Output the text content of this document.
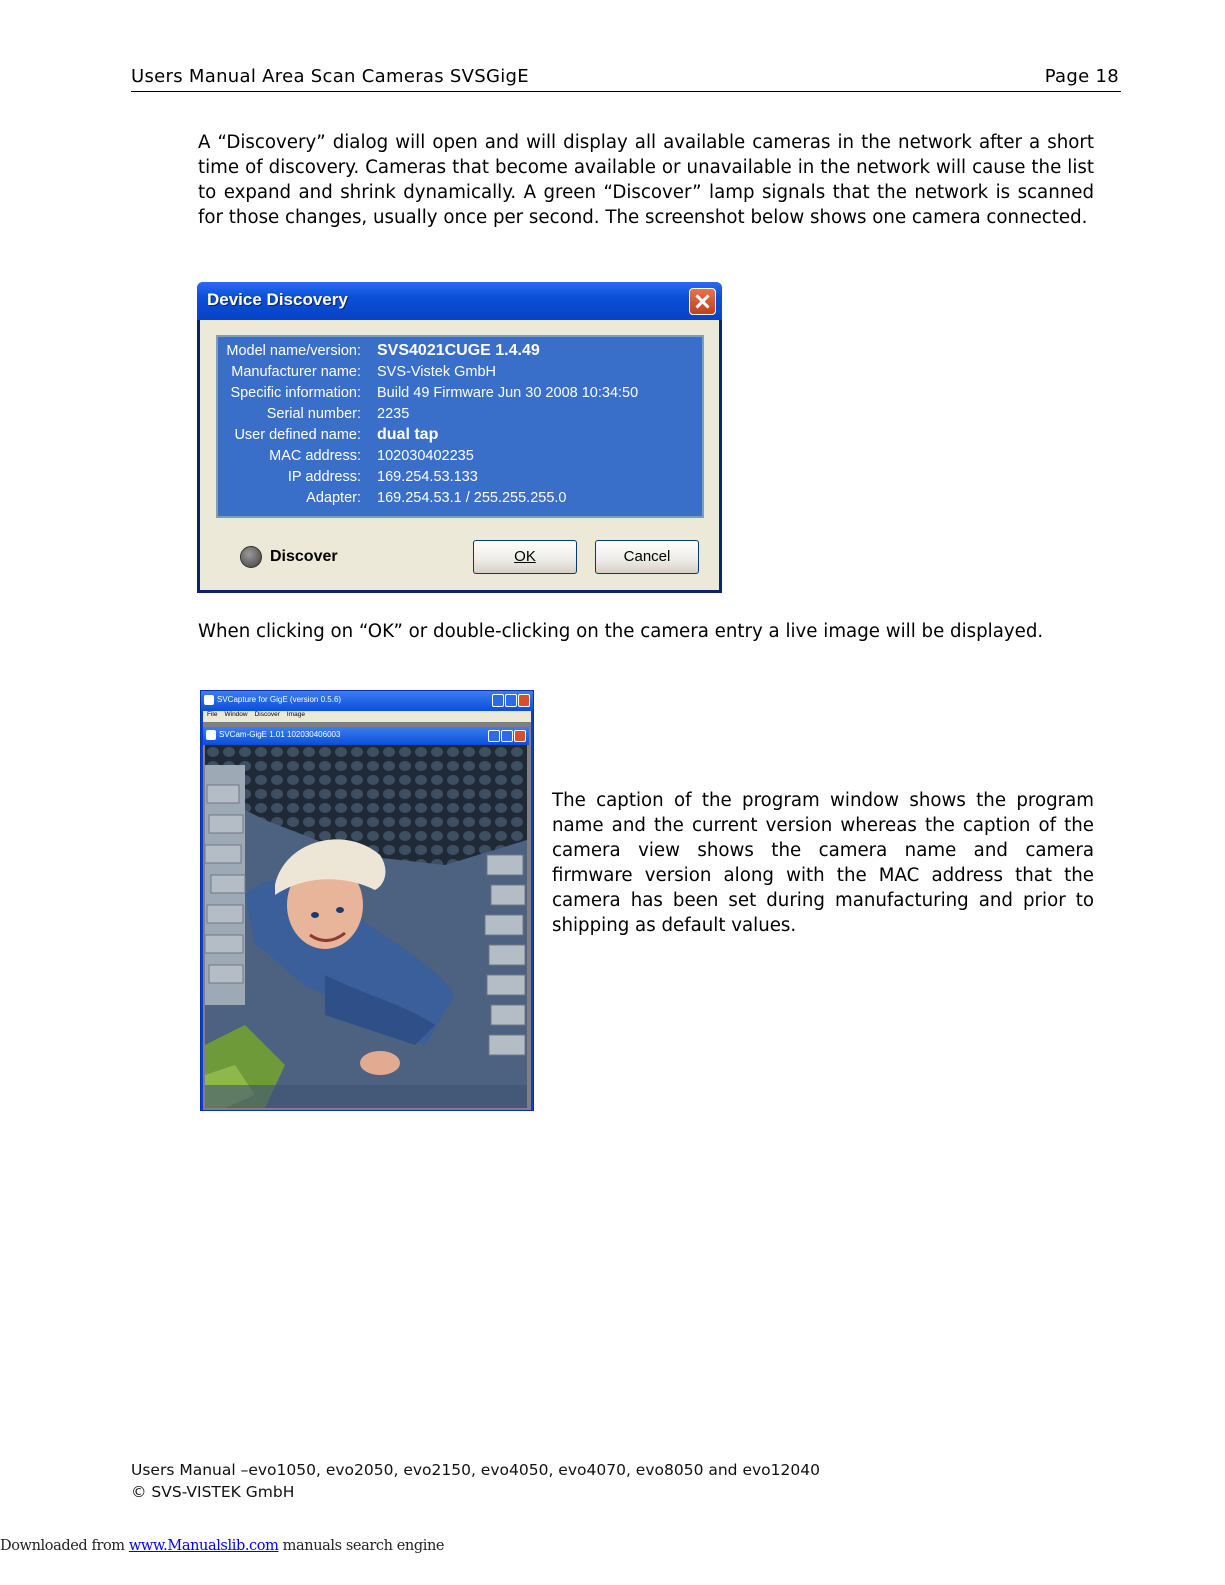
Users Manual Area Scan Cameras SVSGigE	Page 18
A “Discovery” dialog will open and will display all available cameras in the network after a short time of discovery. Cameras that become available or unavailable in the network will cause the list to expand and shrink dynamically. A green “Discover” lamp signals that the network is scanned for those changes, usually once per second. The screenshot below shows one camera connected.
Device Discovery
Model name/version: SVS4021CUGE 1.4.49
Manufacturer name: SVS-Vistek GmbH
Specific information: Build 49 Firmware Jun 30 2008 10:34:50
Serial number: 2235
User defined name: dual tap
MAC address: 102030402235
IP address: 169.254.53.133
Adapter: 169.254.53.1 / 255.255.255.0
Discover	OK	Cancel
When clicking on “OK” or double-clicking on the camera entry a live image will be displayed.
SVCapture for GigE (version 0.5.6)
File Window Discover Image
SVCam-GigE 1.01 102030406003
The caption of the program window shows the program name and the current version whereas the caption of the camera view shows the camera name and camera firmware version along with the MAC address that the camera has been set during manufacturing and prior to shipping as default values.
Users Manual –evo1050, evo2050, evo2150, evo4050, evo4070, evo8050 and evo12040
© SVS-VISTEK GmbH
Downloaded from www.Manualslib.com manuals search engine
